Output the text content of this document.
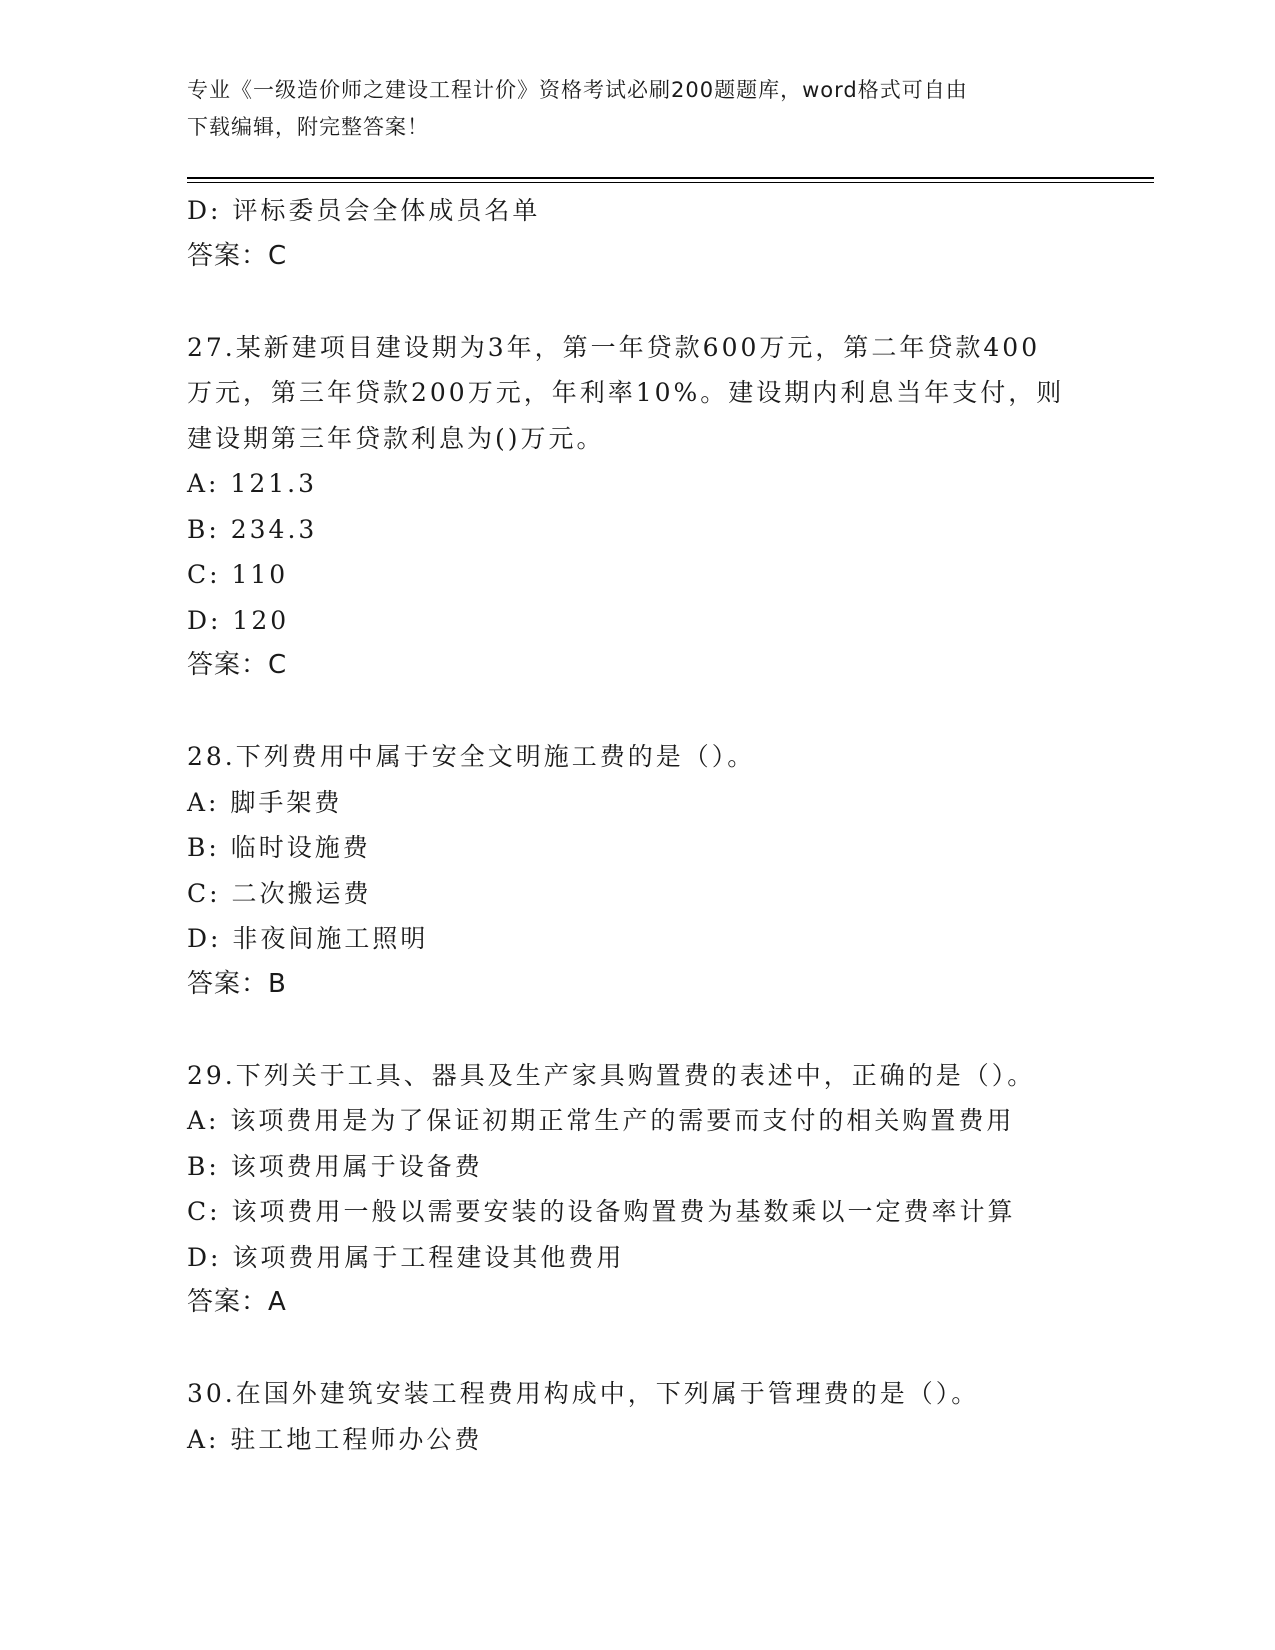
专业《一级造价师之建设工程计价》资格考试必刷200题题库，word格式可自由
下载编辑，附完整答案！
D: 评标委员会全体成员名单
答案：C
27.某新建项目建设期为3年，第一年贷款600万元，第二年贷款400
万元，第三年贷款200万元，年利率10%。建设期内利息当年支付，则
建设期第三年贷款利息为()万元。
A: 121.3
B: 234.3
C: 110
D: 120
答案：C
28.下列费用中属于安全文明施工费的是（）。
A: 脚手架费
B: 临时设施费
C: 二次搬运费
D: 非夜间施工照明
答案：B
29.下列关于工具、器具及生产家具购置费的表述中，正确的是（）。
A: 该项费用是为了保证初期正常生产的需要而支付的相关购置费用
B: 该项费用属于设备费
C: 该项费用一般以需要安装的设备购置费为基数乘以一定费率计算
D: 该项费用属于工程建设其他费用
答案：A
30.在国外建筑安装工程费用构成中，下列属于管理费的是（）。
A: 驻工地工程师办公费
